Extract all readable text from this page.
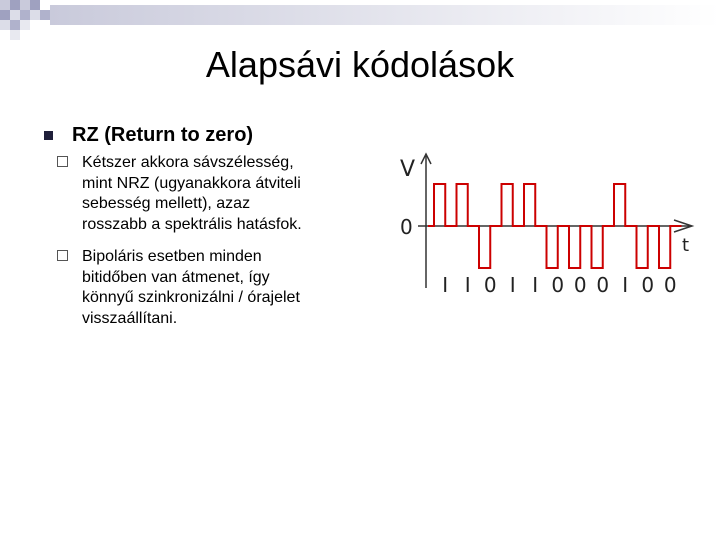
Alapsávi kódolások
RZ (Return to zero)
Kétszer akkora sávszélesség,
mint NRZ (ugyanakkora átviteli
sebesség mellett), azaz
rosszabb a spektrális hatásfok.
Bipoláris esetben minden
bitidőben van átmenet, így
könnyű szinkronizálni / órajelet
visszaállítani.
V
0
t
I I 0 I I 0 0 0 I 0 0
